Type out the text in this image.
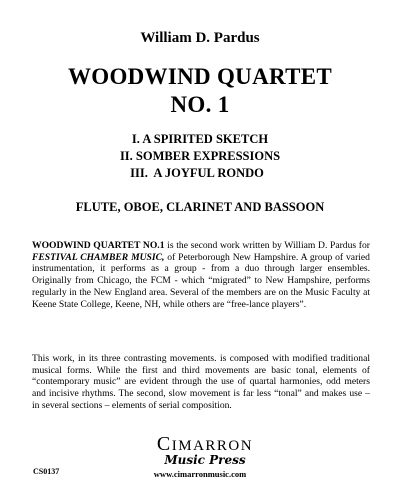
William D. Pardus
WOODWIND QUARTET
NO. 1
I. A SPIRITED SKETCH
II. SOMBER EXPRESSIONS
III.  A JOYFUL RONDO
FLUTE, OBOE, CLARINET AND BASSOON
WOODWIND QUARTET NO.1 is the second work written by William D. Pardus for FESTIVAL CHAMBER MUSIC, of Peterborough New Hampshire. A group of varied instrumentation, it performs as a group - from a duo through larger ensembles. Originally from Chicago, the FCM - which “migrated” to New Hampshire, performs regularly in the New England area. Several of the members are on the Music Faculty at Keene State College, Keene, NH, while others are “free-lance players”.
This work, in its three contrasting movements. is composed with modified traditional musical forms. While the first and third movements are basic tonal, elements of “contemporary music” are evident through the use of quartal harmonies, odd meters and incisive rhythms. The second, slow movement is far less “tonal” and makes use – in several sections – elements of serial composition.
CIMARRON
Music Press
www.cimarronmusic.com
CS0137
